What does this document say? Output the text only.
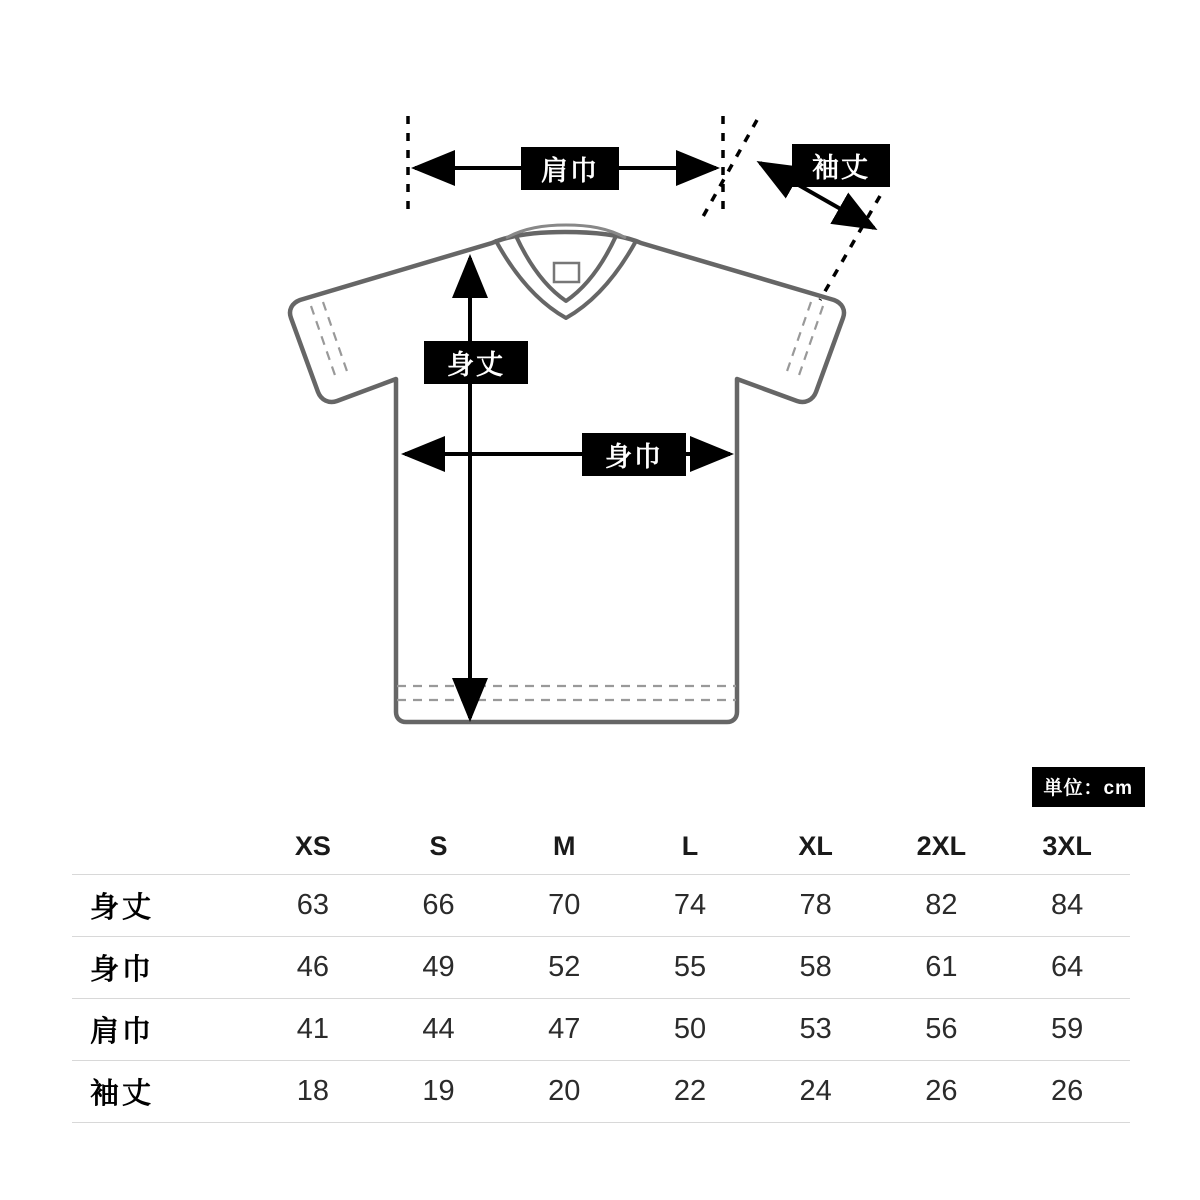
肩巾	袖丈
身丈
身巾
単位：cm
	XS	S	M	L	XL	2XL	3XL
身丈	63	66	70	74	78	82	84
身巾	46	49	52	55	58	61	64
肩巾	41	44	47	50	53	56	59
袖丈	18	19	20	22	24	26	26
